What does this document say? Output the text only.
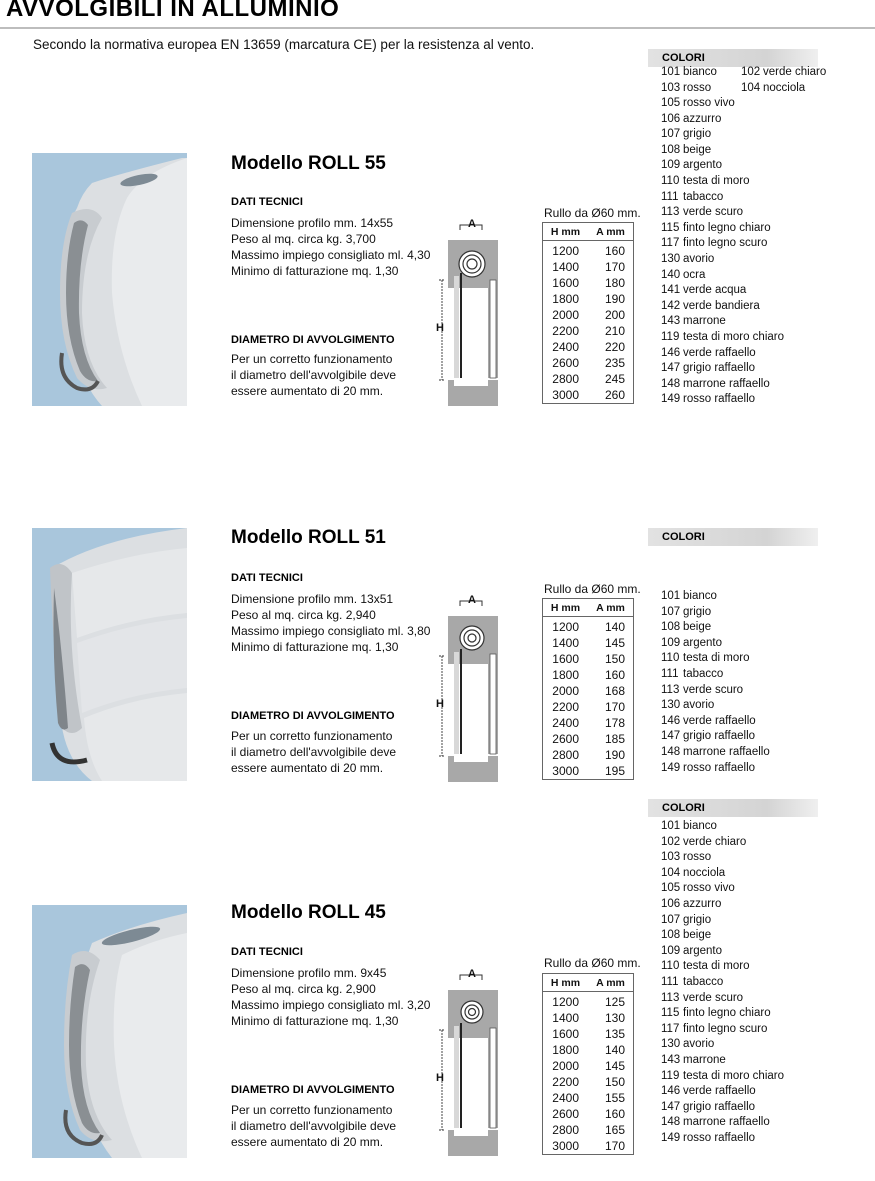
AVVOLGIBILI IN ALLUMINIO
Secondo la normativa europea EN 13659 (marcatura CE) per la resistenza al vento.
Modello ROLL 55
DATI TECNICI
Dimensione profilo mm. 14x55
Peso al mq. circa kg. 3,700
Massimo impiego consigliato ml. 4,30
Minimo di fatturazione mq. 1,30
DIAMETRO DI AVVOLGIMENTO
Per un corretto funzionamento
il diametro dell'avvolgibile deve
essere aumentato di 20 mm.
A
H
Rullo da Ø60 mm.
H mm	A mm
1200	160
1400	170
1600	180
1800	190
2000	200
2200	210
2400	220
2600	235
2800	245
3000	260
COLORI
101 bianco
103 rosso
102 verde chiaro
104 nocciola
105 rosso vivo
106 azzurro
107 grigio
108 beige
109 argento
110 testa di moro
111 tabacco
113 verde scuro
115 finto legno chiaro
117 finto legno scuro
130 avorio
140 ocra
141 verde acqua
142 verde bandiera
143 marrone
119 testa di moro chiaro
146 verde raffaello
147 grigio raffaello
148 marrone raffaello
149 rosso raffaello
Modello ROLL 51
DATI TECNICI
Dimensione profilo mm. 13x51
Peso al mq. circa kg. 2,940
Massimo impiego consigliato ml. 3,80
Minimo di fatturazione mq. 1,30
DIAMETRO DI AVVOLGIMENTO
Per un corretto funzionamento
il diametro dell'avvolgibile deve
essere aumentato di 20 mm.
A
H
Rullo da Ø60 mm.
H mm	A mm
1200	140
1400	145
1600	150
1800	160
2000	168
2200	170
2400	178
2600	185
2800	190
3000	195
COLORI
101 bianco
107 grigio
108 beige
109 argento
110 testa di moro
111 tabacco
113 verde scuro
130 avorio
146 verde raffaello
147 grigio raffaello
148 marrone raffaello
149 rosso raffaello
Modello ROLL 45
DATI TECNICI
Dimensione profilo mm. 9x45
Peso al mq. circa kg. 2,900
Massimo impiego consigliato ml. 3,20
Minimo di fatturazione mq. 1,30
DIAMETRO DI AVVOLGIMENTO
Per un corretto funzionamento
il diametro dell'avvolgibile deve
essere aumentato di 20 mm.
A
H
Rullo da Ø60 mm.
H mm	A mm
1200	125
1400	130
1600	135
1800	140
2000	145
2200	150
2400	155
2600	160
2800	165
3000	170
COLORI
101 bianco
102 verde chiaro
103 rosso
104 nocciola
105 rosso vivo
106 azzurro
107 grigio
108 beige
109 argento
110 testa di moro
111 tabacco
113 verde scuro
115 finto legno chiaro
117 finto legno scuro
130 avorio
143 marrone
119 testa di moro chiaro
146 verde raffaello
147 grigio raffaello
148 marrone raffaello
149 rosso raffaello
